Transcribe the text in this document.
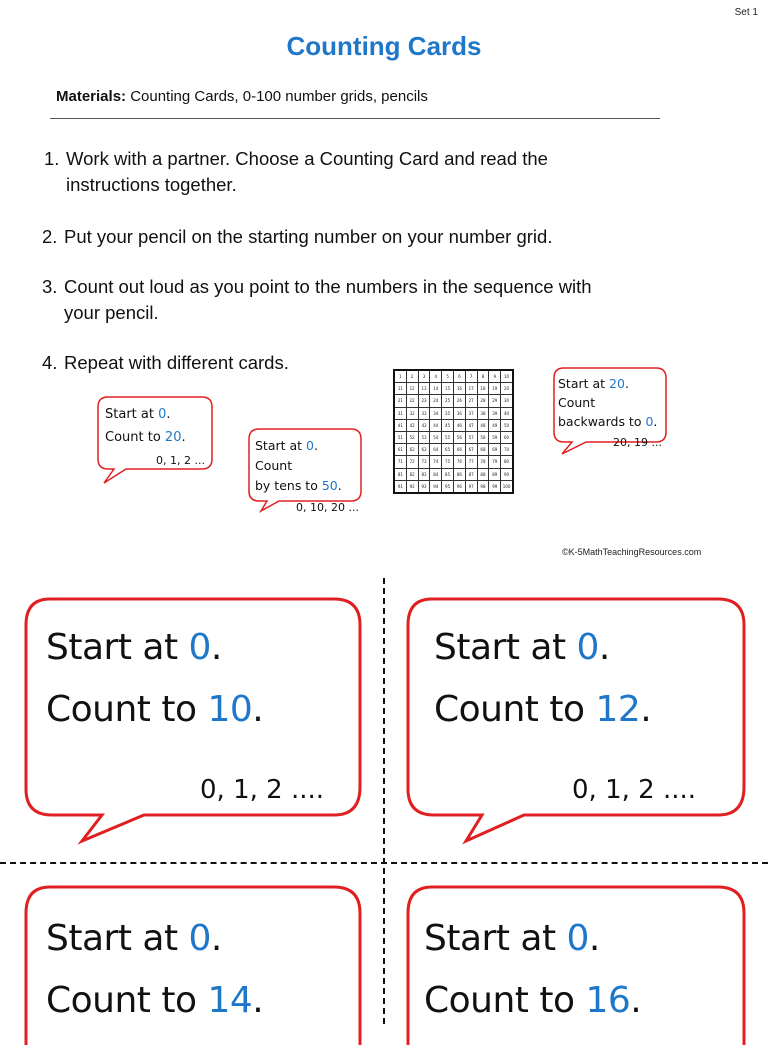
Set 1
Counting Cards
Materials: Counting Cards, 0-100 number grids, pencils
1. Work with a partner. Choose a Counting Card and read the
instructions together.
2. Put your pencil on the starting number on your number grid.
3. Count out loud as you point to the numbers in the sequence with
your pencil.
4. Repeat with different cards.
Start at 0.
Count to 20.
0, 1, 2 ...
Start at 0. Count
by tens to 50.
0, 10, 20 ...
Start at 20. Count
backwards to 0.
20, 19 ...
1	2	3	4	5	6	7	8	9	10
11	12	13	14	15	16	17	18	19	20
21	22	23	24	25	26	27	28	29	30
31	32	33	34	35	36	37	38	39	40
41	42	43	44	45	46	47	48	49	50
51	52	53	54	55	56	57	58	59	60
61	62	63	64	65	66	67	68	69	70
71	72	73	74	75	76	77	78	79	80
81	82	83	84	85	86	87	88	89	90
91	92	93	94	95	96	97	98	99	100
©K-5MathTeachingResources.com
Start at 0.
Count to 10.
0, 1, 2 ....
Start at 0.
Count to 12.
0, 1, 2 ....
Start at 0.
Count to 14.
Start at 0.
Count to 16.
